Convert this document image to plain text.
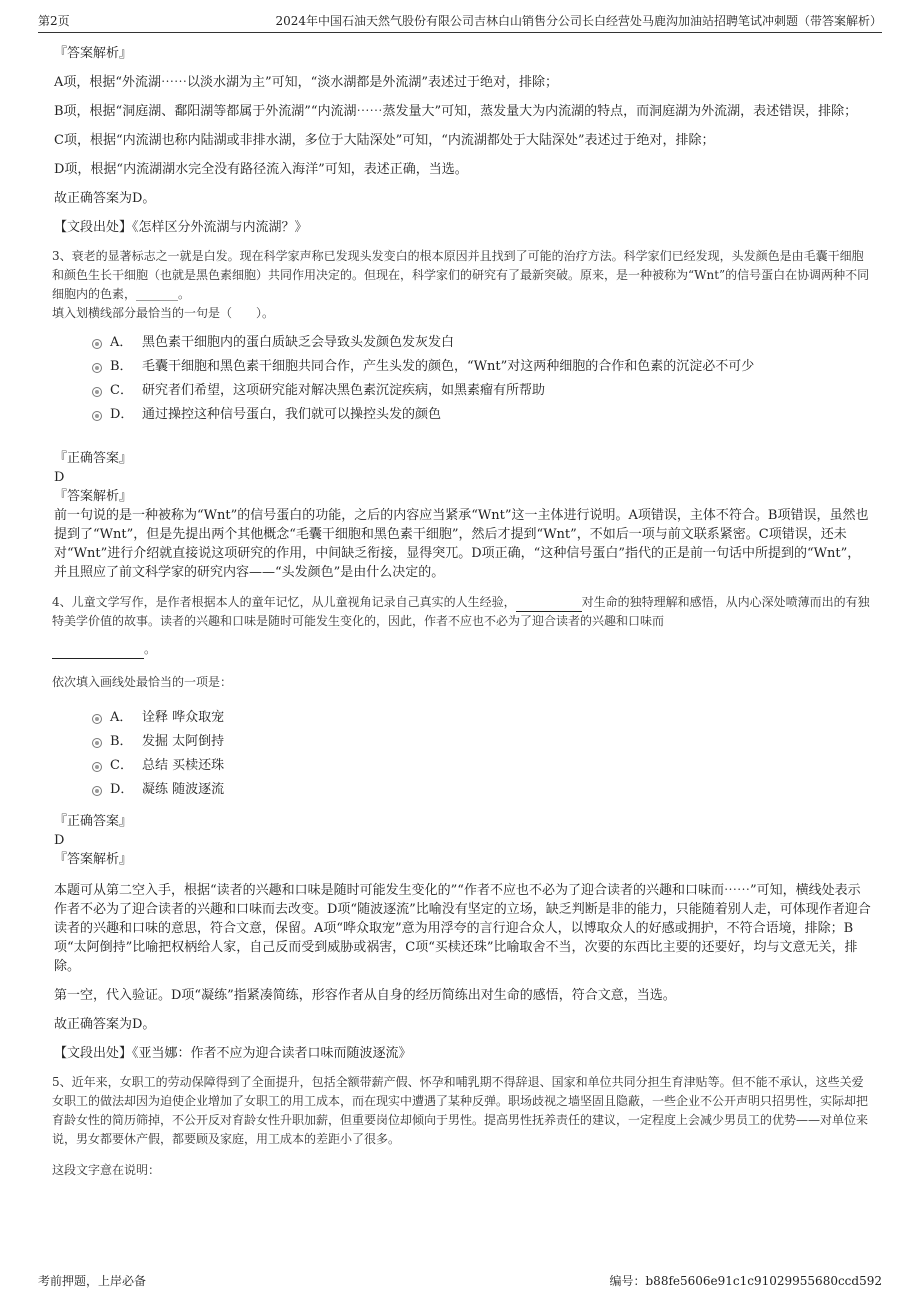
第2页	2024年中国石油天然气股份有限公司吉林白山销售分公司长白经营处马鹿沟加油站招聘笔试冲刺题（带答案解析）

『答案解析』

A项，根据“外流湖⋯⋯以淡水湖为主”可知，“淡水湖都是外流湖”表述过于绝对，排除；

B项，根据“洞庭湖、鄱阳湖等都属于外流湖”“内流湖⋯⋯蒸发量大”可知，蒸发量大为内流湖的特点，而洞庭湖为外流湖，表述错误，排除；

C项，根据“内流湖也称内陆湖或非排水湖，多位于大陆深处”可知，“内流湖都处于大陆深处”表述过于绝对，排除；

D项，根据“内流湖湖水完全没有路径流入海洋”可知，表述正确，当选。

故正确答案为D。

【文段出处】《怎样区分外流湖与内流湖？》

3、衰老的显著标志之一就是白发。现在科学家声称已发现头发变白的根本原因并且找到了可能的治疗方法。科学家们已经发现，头发颜色是由毛囊干细胞和颜色生长干细胞（也就是黑色素细胞）共同作用决定的。但现在，科学家们的研究有了最新突破。原来，是一种被称为“Wnt”的信号蛋白在协调两种不同细胞内的色素，_______。

填入划横线部分最恰当的一句是（　　）。

A． 黑色素干细胞内的蛋白质缺乏会导致头发颜色发灰发白
B． 毛囊干细胞和黑色素干细胞共同合作，产生头发的颜色，“Wnt”对这两种细胞的合作和色素的沉淀必不可少
C． 研究者们希望，这项研究能对解决黑色素沉淀疾病，如黑素瘤有所帮助
D． 通过操控这种信号蛋白，我们就可以操控头发的颜色

『正确答案』

D

『答案解析』

前一句说的是一种被称为“Wnt”的信号蛋白的功能，之后的内容应当紧承“Wnt”这一主体进行说明。A项错误，主体不符合。B项错误，虽然也提到了“Wnt”，但是先提出两个其他概念“毛囊干细胞和黑色素干细胞”，然后才提到“Wnt”，不如后一项与前文联系紧密。C项错误，还未对“Wnt”进行介绍就直接说这项研究的作用，中间缺乏衔接，显得突兀。D项正确，“这种信号蛋白”指代的正是前一句话中所提到的“Wnt”，并且照应了前文科学家的研究内容——“头发颜色”是由什么决定的。

4、儿童文学写作，是作者根据本人的童年记忆，从儿童视角记录自己真实的人生经验，	对生命的独特理解和感悟，从内心深处喷薄而出的有独特美学价值的故事。读者的兴趣和口味是随时可能发生变化的，因此，作者不应也不必为了迎合读者的兴趣和口味而
。

依次填入画线处最恰当的一项是：

A． 诠释 哗众取宠
B． 发掘 太阿倒持
C． 总结 买椟还珠
D． 凝练 随波逐流

『正确答案』

D

『答案解析』

本题可从第二空入手，根据“读者的兴趣和口味是随时可能发生变化的”“作者不应也不必为了迎合读者的兴趣和口味而⋯⋯”可知，横线处表示作者不必为了迎合读者的兴趣和口味而去改变。D项“随波逐流”比喻没有坚定的立场，缺乏判断是非的能力，只能随着别人走，可体现作者迎合读者的兴趣和口味的意思，符合文意，保留。A项“哗众取宠”意为用浮夸的言行迎合众人，以博取众人的好感或拥护，不符合语境，排除；B项“太阿倒持”比喻把权柄给人家，自己反而受到威胁或祸害，C项“买椟还珠”比喻取舍不当，次要的东西比主要的还要好，均与文意无关，排除。

第一空，代入验证。D项“凝练”指紧凑简练，形容作者从自身的经历简练出对生命的感悟，符合文意，当选。

故正确答案为D。

【文段出处】《亚当娜：作者不应为迎合读者口味而随波逐流》

5、近年来，女职工的劳动保障得到了全面提升，包括全额带薪产假、怀孕和哺乳期不得辞退、国家和单位共同分担生育津贴等。但不能不承认，这些关爱女职工的做法却因为迫使企业增加了女职工的用工成本，而在现实中遭遇了某种反弹。职场歧视之墙坚固且隐蔽，一些企业不公开声明只招男性，实际却把育龄女性的简历筛掉，不公开反对育龄女性升职加薪，但重要岗位却倾向于男性。提高男性抚养责任的建议，一定程度上会减少男员工的优势——对单位来说，男女都要休产假，都要顾及家庭，用工成本的差距小了很多。

这段文字意在说明：

考前押题，上岸必备	编号：b88fe5606e91c1c91029955680ccd592
